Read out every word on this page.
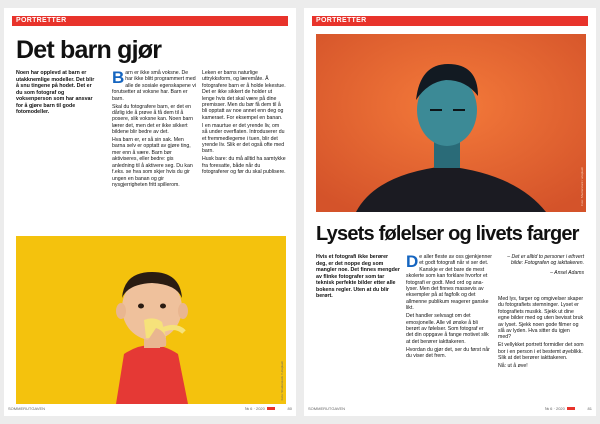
PORTRETTER
Det barn gjør
Noen har opplevd at barn er utakknemlige modeller. Det blir å snu tingene på hodet. Det er du som fotograf og voksenperson som har ansvar for å gjøre barn til gode fotomodeller.
B arn er ikke små voksne. De har ikke blitt programmert med alle de sosiale egenskapene vi forutsetter at voksne har. Barn er barn.

Skal du fotografere barn, er det en dårlig ide å prøve å få dem til å posere, slik voksne kan. Noen barn lærer det, men det er ikke sikkert bildene blir bedre av det.

Hva barn er, er så sin sak. Men barna selv er opptatt av gjøre ting, mer enn å være. Barn bør aktiviseres, eller bedre: gis anledning til å aktivere seg. Du kan f.eks. se hva som skjer hvis du gir ungen en banan og gir nysgjerrigheten fritt spillerom.

Leken er barns naturlige uttrykksform, og læremåte. Å fotografere barn er å holde lekestue. Det er ikke sikkert de holder ut lenge hvis det skal være på dine premisser. Men du bør få dem til å bli opptatt av noe annet enn deg og kameraet. For eksempel en banan.

I en maurtue er det yrende liv, om så under overflaten. Introduserer du et fremmedlegeme i tuen, blir det yrende liv. Slik er det også ofte med barn.

Husk bare: du må alltid ha samtykke fra foresatte, både når du fotograferer og før du skal publisere.

Foto: Shutterstock / Unsplash
SOMMERUTGAVEN	№ 6 · 2020	80
PORTRETTER
Foto: Shutterstock / unsplash
Lysets følelser og livets farger
Hvis et fotografi ikke berører deg, er det noppe deg som mangler noe. Det finnes mengder av flinke fotografer som tar teknisk perfekte bilder etter alle bokens regler. Uten at du blir berørt.
D e aller fleste av oss gjenkjenner et godt fotografi når vi ser det. Kanskje er det bare de mest skolerte som kan forklare hvorfor et fotografi er godt. Med ord og analyser. Men det finnes massevis av eksempler på at fagfolk og det allmenne publikum reagerer ganske likt.

Det handler selvsagt om det emosjonelle. Alle vil ønske å bli berørt av følelser. Som fotograf er det din oppgave å fange motivet slik at det berører iakttakeren.

Hvordan du gjør det, ser du først når du viser det frem.

– Det er alltid to personer i ethvert bilde: Fotografen og iakttakeren.
– Ansel Adams

Med lys, farger og omgivelser skaper du fotografiets stemninger. Lyset er fotografiets musikk. Sjekk ut dine egne bilder med og uten bevisst bruk av lyset. Sjekk noen gode filmer og slå av lyden. Hva sitter du igjen med?

Et vellykket portrett formidler det som bor i en person i et bestemt øyeblikk. Slik at det berører iakttakeren.

Nå: ut å øve!

SOMMERUTGAVEN	№ 6 · 2020	81
